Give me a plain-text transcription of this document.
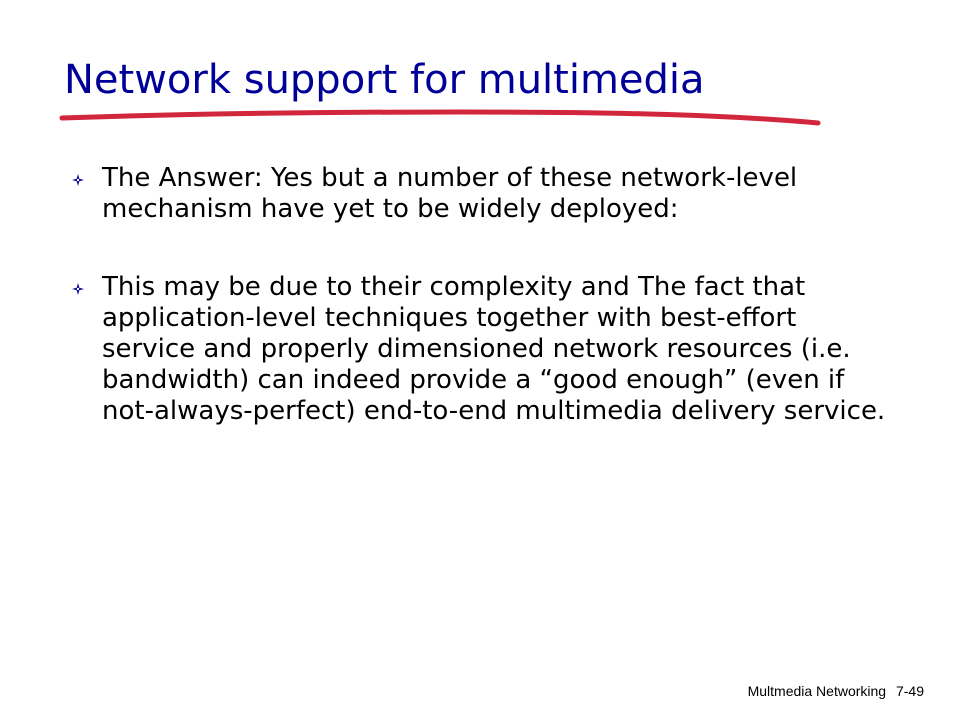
Network support for multimedia
The Answer: Yes but a number of these network-level mechanism have yet to be widely deployed:
This may be due to their complexity and The fact that application-level techniques together with best-effort service and properly dimensioned network resources (i.e. bandwidth) can indeed provide a “good enough” (even if not-always-perfect) end-to-end multimedia delivery service.
Multmedia Networking 7-49
